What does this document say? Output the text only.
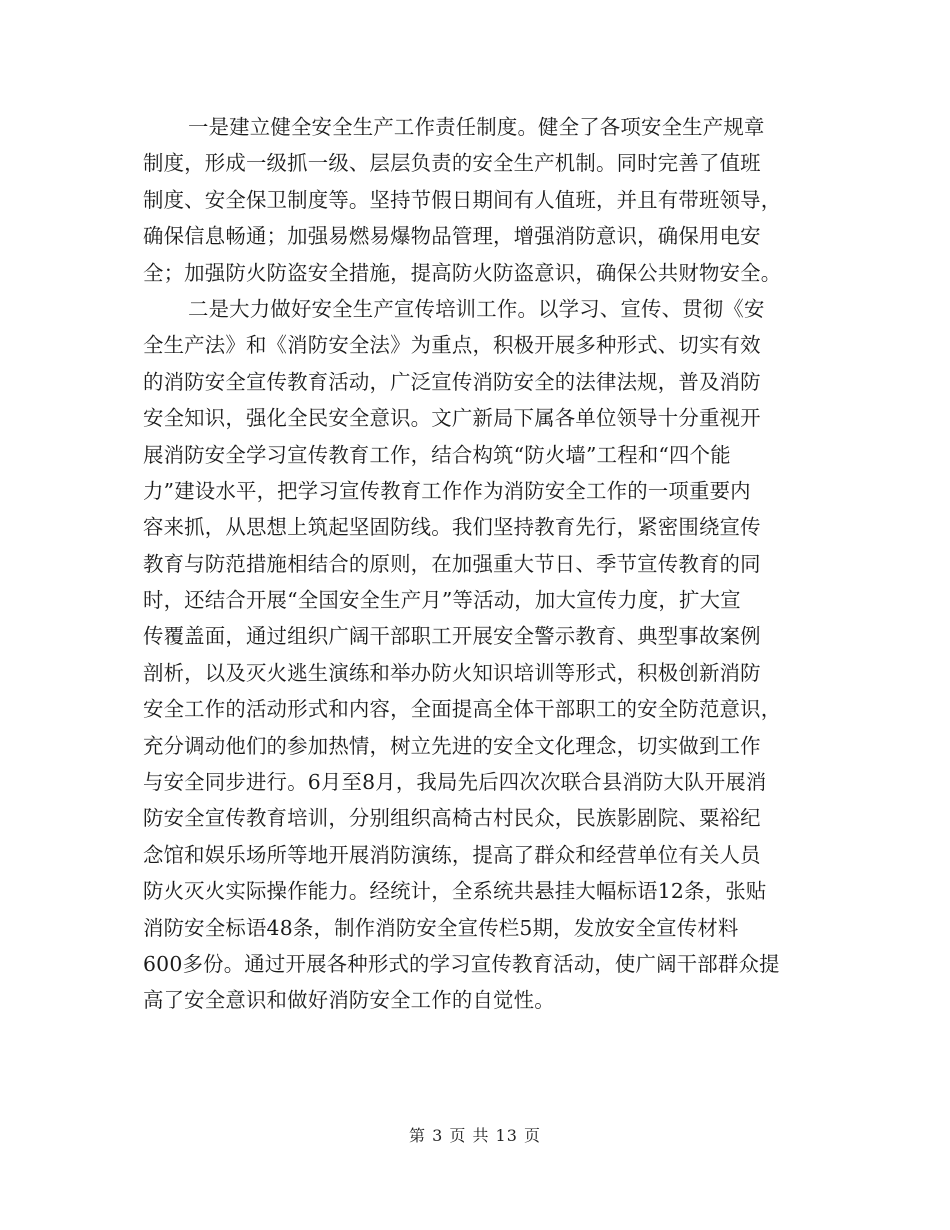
一是建立健全安全生产工作责任制度。健全了各项安全生产规章
制度，形成一级抓一级、层层负责的安全生产机制。同时完善了值班
制度、安全保卫制度等。坚持节假日期间有人值班，并且有带班领导，
确保信息畅通；加强易燃易爆物品管理，增强消防意识，确保用电安
全；加强防火防盗安全措施，提高防火防盗意识，确保公共财物安全。
二是大力做好安全生产宣传培训工作。以学习、宣传、贯彻《安
全生产法》和《消防安全法》为重点，积极开展多种形式、切实有效
的消防安全宣传教育活动，广泛宣传消防安全的法律法规，普及消防
安全知识，强化全民安全意识。文广新局下属各单位领导十分重视开
展消防安全学习宣传教育工作，结合构筑“防火墙”工程和“四个能
力”建设水平，把学习宣传教育工作作为消防安全工作的一项重要内
容来抓，从思想上筑起坚固防线。我们坚持教育先行，紧密围绕宣传
教育与防范措施相结合的原则，在加强重大节日、季节宣传教育的同
时，还结合开展“全国安全生产月”等活动，加大宣传力度，扩大宣
传覆盖面，通过组织广阔干部职工开展安全警示教育、典型事故案例
剖析，以及灭火逃生演练和举办防火知识培训等形式，积极创新消防
安全工作的活动形式和内容，全面提高全体干部职工的安全防范意识，
充分调动他们的参加热情，树立先进的安全文化理念，切实做到工作
与安全同步进行。6月至8月，我局先后四次次联合县消防大队开展消
防安全宣传教育培训，分别组织高椅古村民众，民族影剧院、粟裕纪
念馆和娱乐场所等地开展消防演练，提高了群众和经营单位有关人员
防火灭火实际操作能力。经统计，全系统共悬挂大幅标语12条，张贴
消防安全标语48条，制作消防安全宣传栏5期，发放安全宣传材料
600多份。通过开展各种形式的学习宣传教育活动，使广阔干部群众提
高了安全意识和做好消防安全工作的自觉性。
第 3 页 共 13 页
